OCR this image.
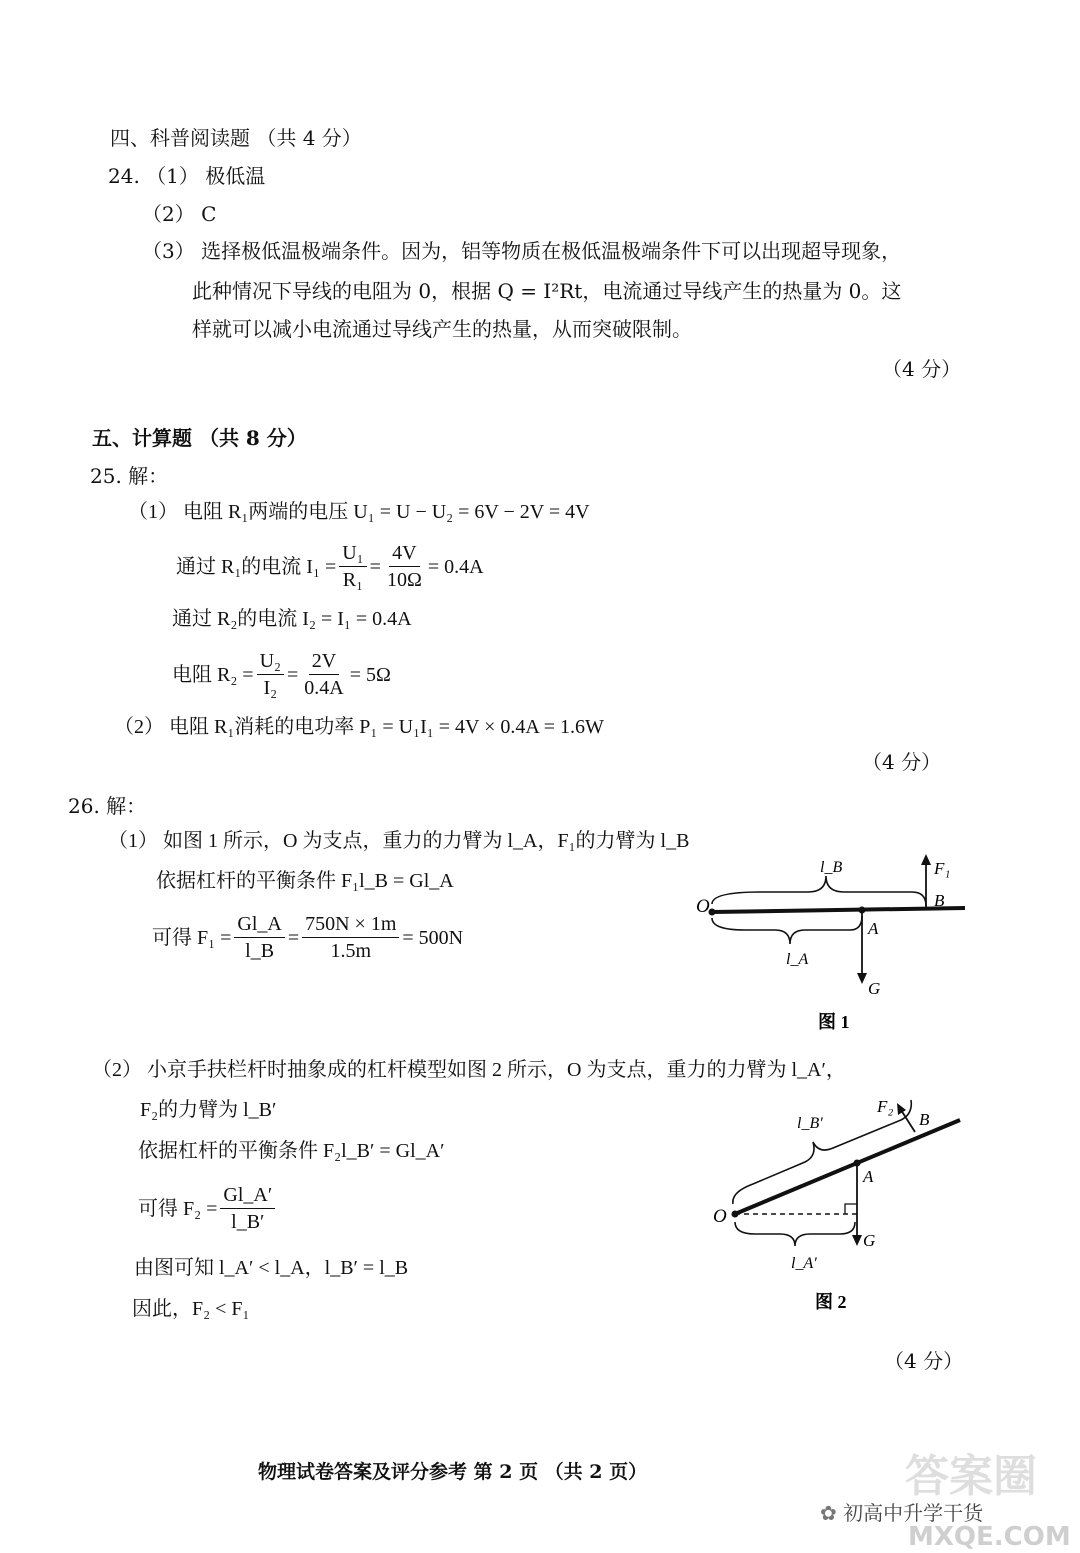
四、科普阅读题 （共 4 分）
24. （1） 极低温
（2） C
（3） 选择极低温极端条件。因为，铝等物质在极低温极端条件下可以出现超导现象，
此种情况下导线的电阻为 0，根据 Q = I²Rt，电流通过导线产生的热量为 0。这
样就可以减小电流通过导线产生的热量，从而突破限制。
（4 分）
五、计算题 （共 8 分）
25. 解：
（1） 电阻 R₁两端的电压 U₁ = U − U₂ = 6V − 2V = 4V
通过 R₁的电流 $I_1 = \frac{\text{U₁}}{\text{R₁}} = \frac{4V}{10\Omega} = 0.4A$
通过 R₂的电流 I₂ = I₁ = 0.4A
电阻 $R_2 = \frac{\text{U₂}}{\text{I₂}} = \frac{2V}{0.4A} = 5\Omega$
（2） 电阻 R₁消耗的电功率 P₁ = U₁I₁ = 4V × 0.4A = 1.6W
（4 分）
26. 解：
（1） 如图 1 所示，O 为支点，重力的力臂为 l_A，F₁的力臂为 l_B
依据杠杆的平衡条件 F₁l_B = Gl_A
可得 $F_1 = \frac{Gl\_A}{l\_B} = \frac{750N \times 1m}{1.5m} = 500N$
（2） 小京手扶栏杆时抽象成的杠杆模型如图 2 所示，O 为支点，重力的力臂为 l_A′，
F₂的力臂为 l_B′
依据杠杆的平衡条件 F₂l_B′ = Gl_A′
可得 $F_2 = \frac{Gl\_A'}{l\_B'}$
由图可知 l_A′ < l_A，l_B′ = l_B
因此，F₂ < F₁
（4 分）
O
A
B
F₁
G
l_B
l_A
图 1
O
A
B
F₂
G
l_B′
l_A′
图 2
物理试卷答案及评分参考 第 2 页 （共 2 页）
✿ 初高中升学干货
答案圈
MXQE.COM
